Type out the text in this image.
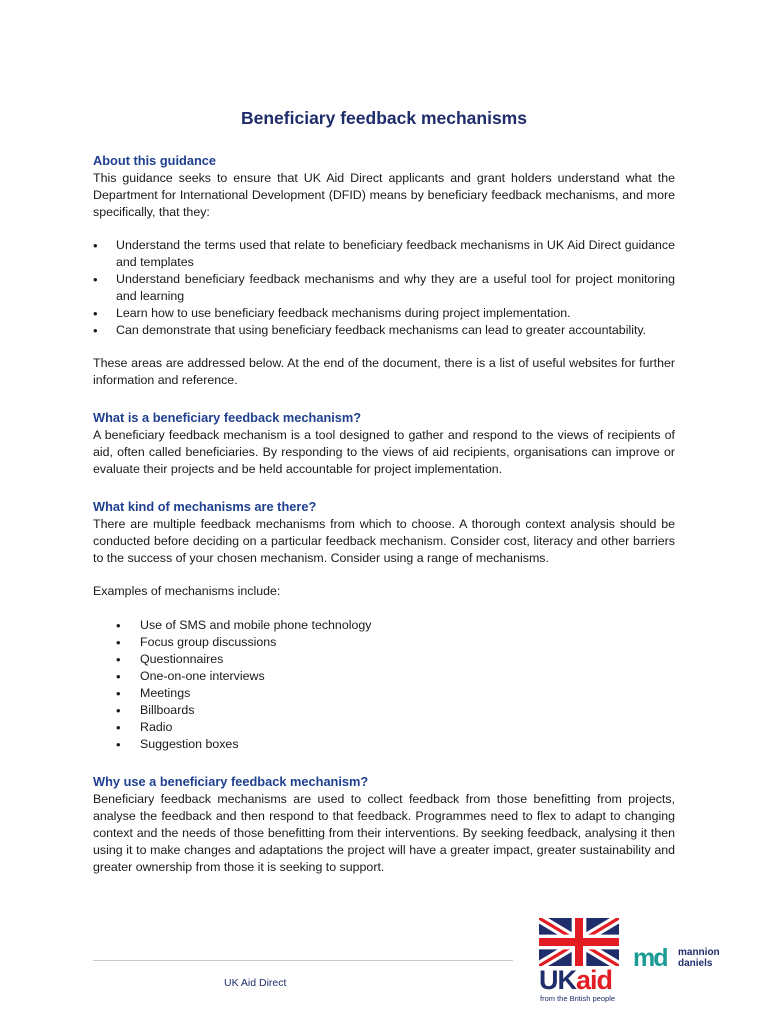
Beneficiary feedback mechanisms

About this guidance

This guidance seeks to ensure that UK Aid Direct applicants and grant holders understand what the Department for International Development (DFID) means by beneficiary feedback mechanisms, and more specifically, that they:

• Understand the terms used that relate to beneficiary feedback mechanisms in UK Aid Direct guidance and templates
• Understand beneficiary feedback mechanisms and why they are a useful tool for project monitoring and learning
• Learn how to use beneficiary feedback mechanisms during project implementation.
• Can demonstrate that using beneficiary feedback mechanisms can lead to greater accountability.

These areas are addressed below. At the end of the document, there is a list of useful websites for further information and reference.

What is a beneficiary feedback mechanism?

A beneficiary feedback mechanism is a tool designed to gather and respond to the views of recipients of aid, often called beneficiaries. By responding to the views of aid recipients, organisations can improve or evaluate their projects and be held accountable for project implementation.

What kind of mechanisms are there?

There are multiple feedback mechanisms from which to choose. A thorough context analysis should be conducted before deciding on a particular feedback mechanism. Consider cost, literacy and other barriers to the success of your chosen mechanism. Consider using a range of mechanisms.

Examples of mechanisms include:

• Use of SMS and mobile phone technology
• Focus group discussions
• Questionnaires
• One-on-one interviews
• Meetings
• Billboards
• Radio
• Suggestion boxes

Why use a beneficiary feedback mechanism?

Beneficiary feedback mechanisms are used to collect feedback from those benefitting from projects, analyse the feedback and then respond to that feedback. Programmes need to flex to adapt to changing context and the needs of those benefitting from their interventions. By seeking feedback, analysing it then using it to make changes and adaptations the project will have a greater impact, greater sustainability and greater ownership from those it is seeking to support.

UK Aid Direct	UKaid
from the British people
md mannion
daniels
